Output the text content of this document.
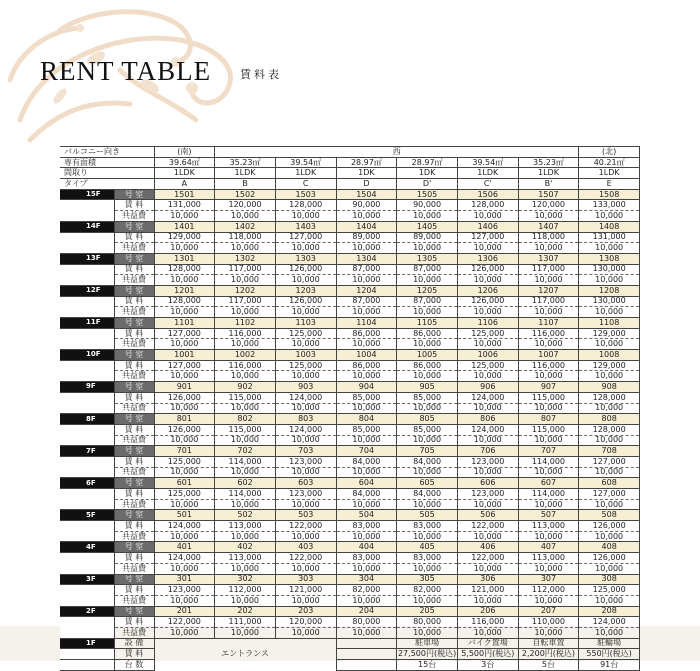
RENT TABLE	賃料表
バルコニー向き		(南)	西						(北)
専有面積		39.64㎡	35.23㎡	39.54㎡	28.97㎡	28.97㎡	39.54㎡	35.23㎡	40.21㎡
間取り		1LDK	1LDK	1LDK	1DK	1DK	1LDK	1LDK	1LDK
タイプ		A	B	C	D	D'	C'	B'	E
15F	号 室	1501	1502	1503	1504	1505	1506	1507	1508
	賃 料	131,000	120,000	128,000	90,000	90,000	128,000	120,000	133,000
	共益費	10,000	10,000	10,000	10,000	10,000	10,000	10,000	10,000
14F	号 室	1401	1402	1403	1404	1405	1406	1407	1408
	賃 料	129,000	118,000	127,000	89,000	89,000	127,000	118,000	131,000
	共益費	10,000	10,000	10,000	10,000	10,000	10,000	10,000	10,000
13F	号 室	1301	1302	1303	1304	1305	1306	1307	1308
	賃 料	128,000	117,000	126,000	87,000	87,000	126,000	117,000	130,000
	共益費	10,000	10,000	10,000	10,000	10,000	10,000	10,000	10,000
12F	号 室	1201	1202	1203	1204	1205	1206	1207	1208
	賃 料	128,000	117,000	126,000	87,000	87,000	126,000	117,000	130,000
	共益費	10,000	10,000	10,000	10,000	10,000	10,000	10,000	10,000
11F	号 室	1101	1102	1103	1104	1105	1106	1107	1108
	賃 料	127,000	116,000	125,000	86,000	86,000	125,000	116,000	129,000
	共益費	10,000	10,000	10,000	10,000	10,000	10,000	10,000	10,000
10F	号 室	1001	1002	1003	1004	1005	1006	1007	1008
	賃 料	127,000	116,000	125,000	86,000	86,000	125,000	116,000	129,000
	共益費	10,000	10,000	10,000	10,000	10,000	10,000	10,000	10,000
9F	号 室	901	902	903	904	905	906	907	908
	賃 料	126,000	115,000	124,000	85,000	85,000	124,000	115,000	128,000
	共益費	10,000	10,000	10,000	10,000	10,000	10,000	10,000	10,000
8F	号 室	801	802	803	804	805	806	807	808
	賃 料	126,000	115,000	124,000	85,000	85,000	124,000	115,000	128,000
	共益費	10,000	10,000	10,000	10,000	10,000	10,000	10,000	10,000
7F	号 室	701	702	703	704	705	706	707	708
	賃 料	125,000	114,000	123,000	84,000	84,000	123,000	114,000	127,000
	共益費	10,000	10,000	10,000	10,000	10,000	10,000	10,000	10,000
6F	号 室	601	602	603	604	605	606	607	608
	賃 料	125,000	114,000	123,000	84,000	84,000	123,000	114,000	127,000
	共益費	10,000	10,000	10,000	10,000	10,000	10,000	10,000	10,000
5F	号 室	501	502	503	504	505	506	507	508
	賃 料	124,000	113,000	122,000	83,000	83,000	122,000	113,000	126,000
	共益費	10,000	10,000	10,000	10,000	10,000	10,000	10,000	10,000
4F	号 室	401	402	403	404	405	406	407	408
	賃 料	124,000	113,000	122,000	83,000	83,000	122,000	113,000	126,000
	共益費	10,000	10,000	10,000	10,000	10,000	10,000	10,000	10,000
3F	号 室	301	302	303	304	305	306	307	308
	賃 料	123,000	112,000	121,000	82,000	82,000	121,000	112,000	125,000
	共益費	10,000	10,000	10,000	10,000	10,000	10,000	10,000	10,000
2F	号 室	201	202	203	204	205	206	207	208
	賃 料	122,000	111,000	120,000	80,000	80,000	116,000	110,000	124,000
	共益費	10,000	10,000	10,000	10,000	10,000	10,000	10,000	10,000
1F	設 備	エントランス				駐車場	バイク置場	自転車置	駐輪場
	賃 料					27,500円(税込)	5,500円(税込)	2,200円(税込)	550円(税込)
	台 数					15台	3台	5台	91台
